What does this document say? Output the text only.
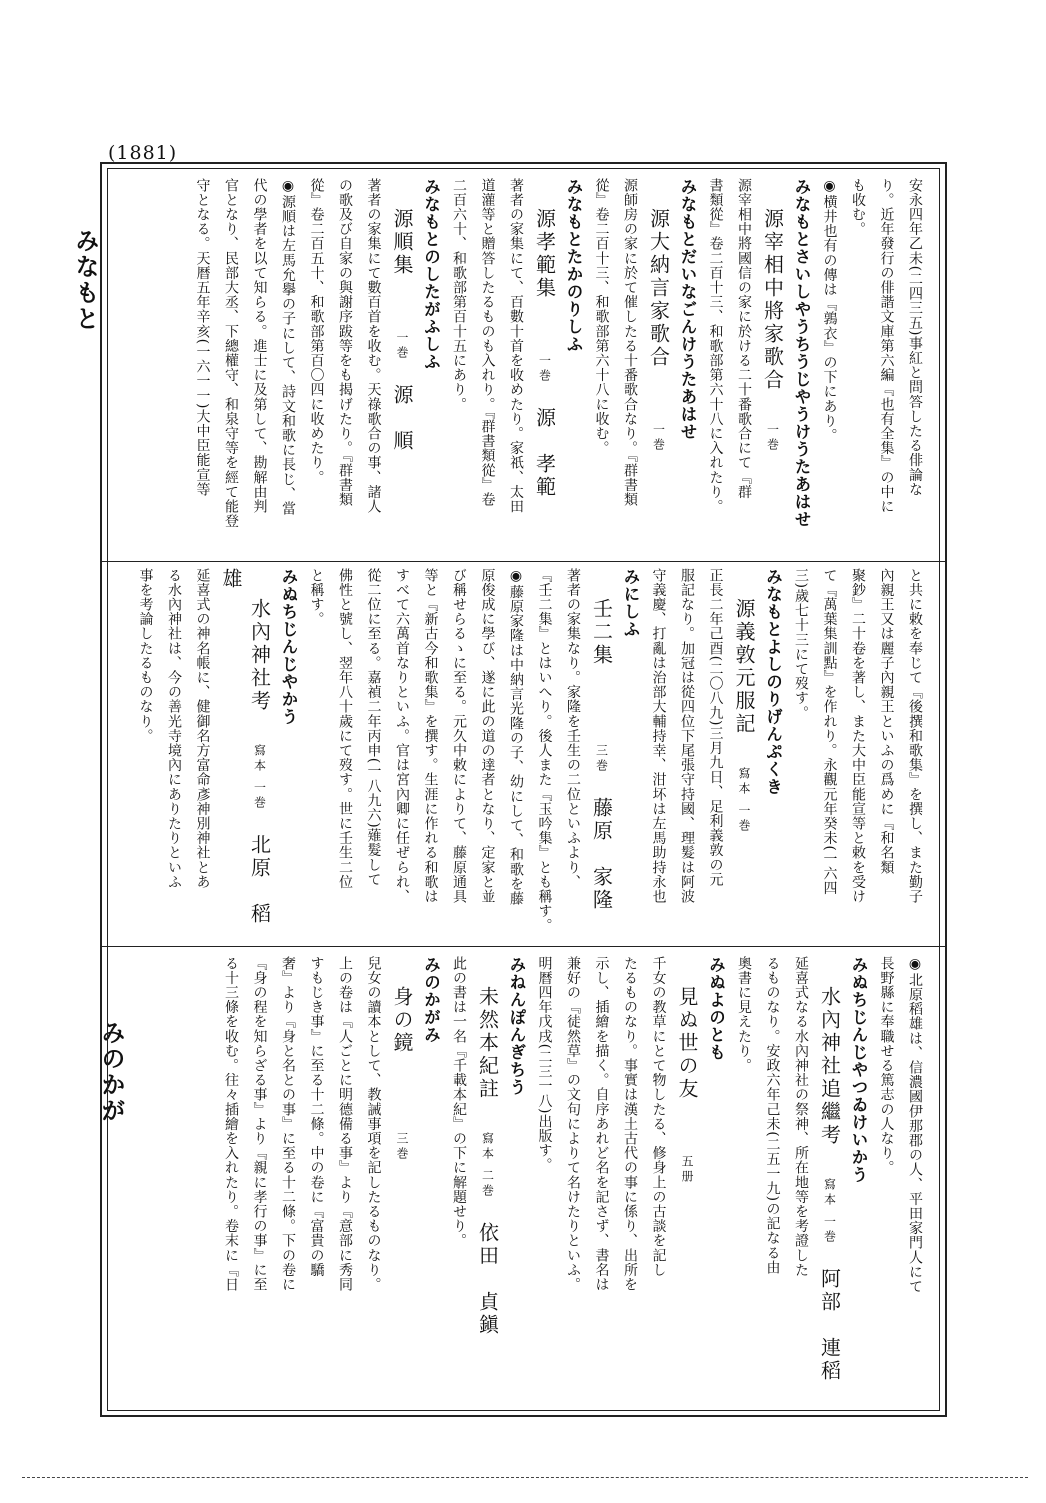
(1881)
みなもと
みのかが
安永四年乙未(二四三五)事紅と問答したる俳論な
り。近年發行の俳諧文庫第六編『也有全集』の中に
も收む。
◉横井也有の傳は『鶉衣』の下にあり。
みなもとさいしやうちうじやうけうたあはせ
源宰相中將家歌合　一巻
源宰相中將國信の家に於ける二十番歌合にて『群
書類從』卷二百十三、和歌部第六十八に入れたり。
みなもとだいなごんけうたあはせ
源大納言家歌合　　一巻
源師房の家に於て催したる十番歌合なり。『群書類
從』卷二百十三、和歌部第六十八に收む。
みなもとたかのりしふ
源孝範集　　一巻　源　孝範
著者の家集にて、百數十首を收めたり。家祇、太田
道灌等と贈答したるものも入れり。『群書類從』卷
二百六十、和歌部第百十五にあり。
みなもとのしたがふしふ
源順集　　一巻　源　順
著者の家集にて數百首を收む。天祿歌合の事、諸人
の歌及び自家の與謝序跋等をも揭げたり。『群書類
從』卷二百五十、和歌部第百〇四に收めたり。
◉源順は左馬允擧の子にして、詩文和歌に長じ、當
代の學者を以て知らる。進士に及第して、勘解由判
官となり、民部大丞、下總權守、和泉守等を經て能登
守となる。天暦五年辛亥(一六一一)大中臣能宣等
と共に敕を奉じて『後撰和歌集』を撰し、また勤子
內親王又は麗子內親王といふの爲めに『和名類
聚鈔』二十卷を著し、また大中臣能宣等と敕を受け
て『萬葉集訓點』を作れり。永觀元年癸未(一六四
三)歲七十三にて歿す。
みなもとよしのりげんぷくき
源義敦元服記　寫本 一巻
正長二年己酉(二〇八九)三月九日、足利義敦の元
服記なり。加冠は從四位下尾張守持國、理髮は阿波
守義慶、打亂は治部大輔持幸、泔坏は左馬助持永也
みにしふ
壬二集　　　三巻　藤原　家隆
著者の家集なり。家隆を壬生の二位といふより、
『壬二集』とはいへり。後人また『玉吟集』とも稱す。
◉藤原家隆は中納言光隆の子、幼にして、和歌を藤
原俊成に學び、遂に此の道の達者となり、定家と並
び稱せらるゝに至る。元久中敕によりて、藤原通具
等と『新古今和歌集』を撰す。生涯に作れる和歌は
すべて六萬首なりといふ。官は宮內卿に任ぜられ、
從二位に至る。嘉禎二年丙申(一八九六)薙髮して
佛性と號し、翌年八十歲にて歿す。世に壬生二位
と稱す。
みぬちじんじやかう
水內神社考　寫本 一巻　北原　稻雄
延喜式の神名帳に、健御名方富命彥神別神社とあ
る水內神社は、今の善光寺境內にありたりといふ
事を考論したるものなり。
◉北原稻雄は、信濃國伊那郡の人、平田家門人にて
長野縣に奉職せる篤志の人なり。
みぬちじんじやつゐけいかう
水內神社追繼考　寫本 一巻　阿部　連稻
延喜式なる水內神社の祭神、所在地等を考證した
るものなり。安政六年己未(二五一九)の記なる由
奧書に見えたり。
みぬよのとも
見ぬ世の友　　五册
千女の教草にとて物したる、修身上の古談を記し
たるものなり。事實は漢土古代の事に係り、出所を
示し、插繪を描く。自序あれど名を記さず、書名は
兼好の『徒然草』の文句によりて名けたりといふ。
明暦四年戊戌(二三一八)出版す。
みねんぽんぎちう
未然本紀註　寫本 二巻　依田　貞鎭
此の書は一名『千載本紀』の下に解題せり。
みのかがみ
身の鏡　　　三巻
兒女の讀本として、教誡事項を記したるものなり。
上の卷は『人ごとに明德備る事』より『意部に秀同
すもじき事』に至る十二條。中の卷に『富貴の驕
奢』より『身と名との事』に至る十二條。下の卷に
『身の程を知らざる事』より『親に孝行の事』に至
る十三條を收む。往々插繪を入れたり。卷末に『日
